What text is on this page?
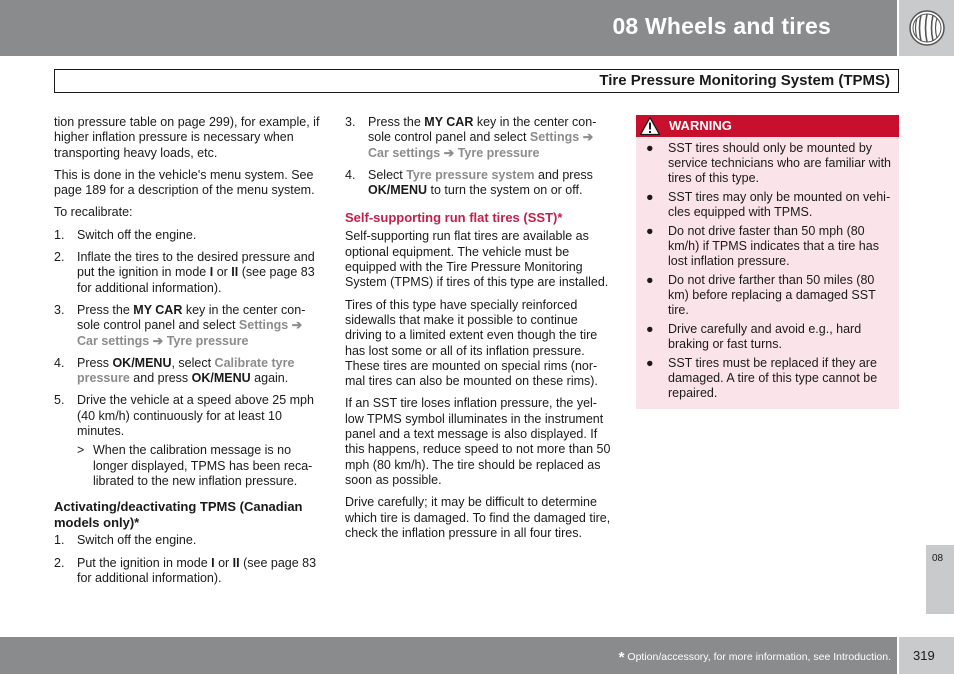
08 Wheels and tires
Tire Pressure Monitoring System (TPMS)

tion pressure table on page 299), for example, if higher inflation pressure is necessary when transporting heavy loads, etc.

This is done in the vehicle's menu system. See page 189 for a description of the menu system.

To recalibrate:

1. Switch off the engine.
2. Inflate the tires to the desired pressure and put the ignition in mode I or II (see page 83 for additional information).
3. Press the MY CAR key in the center con-sole control panel and select Settings ➔
Car settings ➔ Tyre pressure
4. Press OK/MENU, select Calibrate tyre pressure and press OK/MENU again.
5. Drive the vehicle at a speed above 25 mph (40 km/h) continuously for at least 10 minutes.
> When the calibration message is no longer displayed, TPMS has been reca-librated to the new inflation pressure.
Activating/deactivating TPMS (Canadian models only)*
1. Switch off the engine.
2. Put the ignition in mode I or II (see page 83 for additional information).
3. Press the MY CAR key in the center con-sole control panel and select Settings ➔
Car settings ➔ Tyre pressure
4. Select Tyre pressure system and press OK/MENU to turn the system on or off.
Self-supporting run flat tires (SST)*

Self-supporting run flat tires are available as optional equipment. The vehicle must be equipped with the Tire Pressure Monitoring System (TPMS) if tires of this type are installed.

Tires of this type have specially reinforced sidewalls that make it possible to continue driving to a limited extent even though the tire has lost some or all of its inflation pressure. These tires are mounted on special rims (nor-mal tires can also be mounted on these rims).

If an SST tire loses inflation pressure, the yel-low TPMS symbol illuminates in the instrument panel and a text message is also displayed. If this happens, reduce speed to not more than 50 mph (80 km/h). The tire should be replaced as soon as possible.

Drive carefully; it may be difficult to determine which tire is damaged. To find the damaged tire, check the inflation pressure in all four tires.

WARNING
● SST tires should only be mounted by service technicians who are familiar with tires of this type.
● SST tires may only be mounted on vehi-cles equipped with TPMS.
● Do not drive faster than 50 mph (80 km/h) if TPMS indicates that a tire has lost inflation pressure.
● Do not drive farther than 50 miles (80 km) before replacing a damaged SST tire.
● Drive carefully and avoid e.g., hard braking or fast turns.
● SST tires must be replaced if they are damaged. A tire of this type cannot be repaired.
08
* Option/accessory, for more information, see Introduction. 319
